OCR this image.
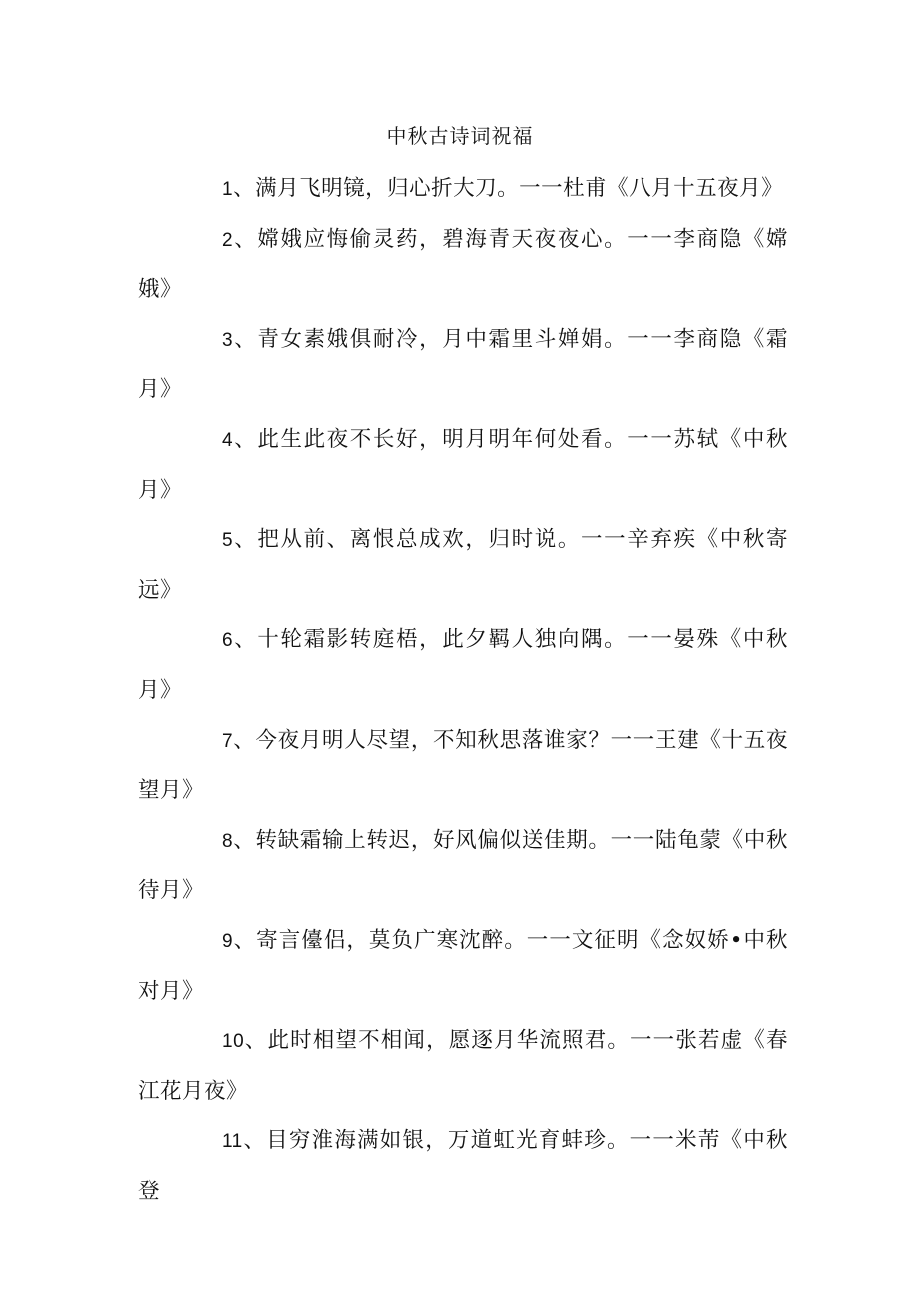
中秋古诗词祝福

1、满月飞明镜，归心折大刀。一一杜甫《八月十五夜月》

2、嫦娥应悔偷灵药，碧海青天夜夜心。一一李商隐《嫦娥》

3、青女素娥俱耐冷，月中霜里斗婵娟。一一李商隐《霜月》

4、此生此夜不长好，明月明年何处看。一一苏轼《中秋月》

5、把从前、离恨总成欢，归时说。一一辛弃疾《中秋寄远》

6、十轮霜影转庭梧，此夕羁人独向隅。一一晏殊《中秋月》

7、今夜月明人尽望，不知秋思落谁家？一一王建《十五夜望月》

8、转缺霜输上转迟，好风偏似送佳期。一一陆龟蒙《中秋待月》

9、寄言儓侣，莫负广寒沈醉。一一文征明《念奴娇•中秋对月》

10、此时相望不相闻，愿逐月华流照君。一一张若虚《春江花月夜》

11、目穷淮海满如银，万道虹光育蚌珍。一一米芾《中秋登
